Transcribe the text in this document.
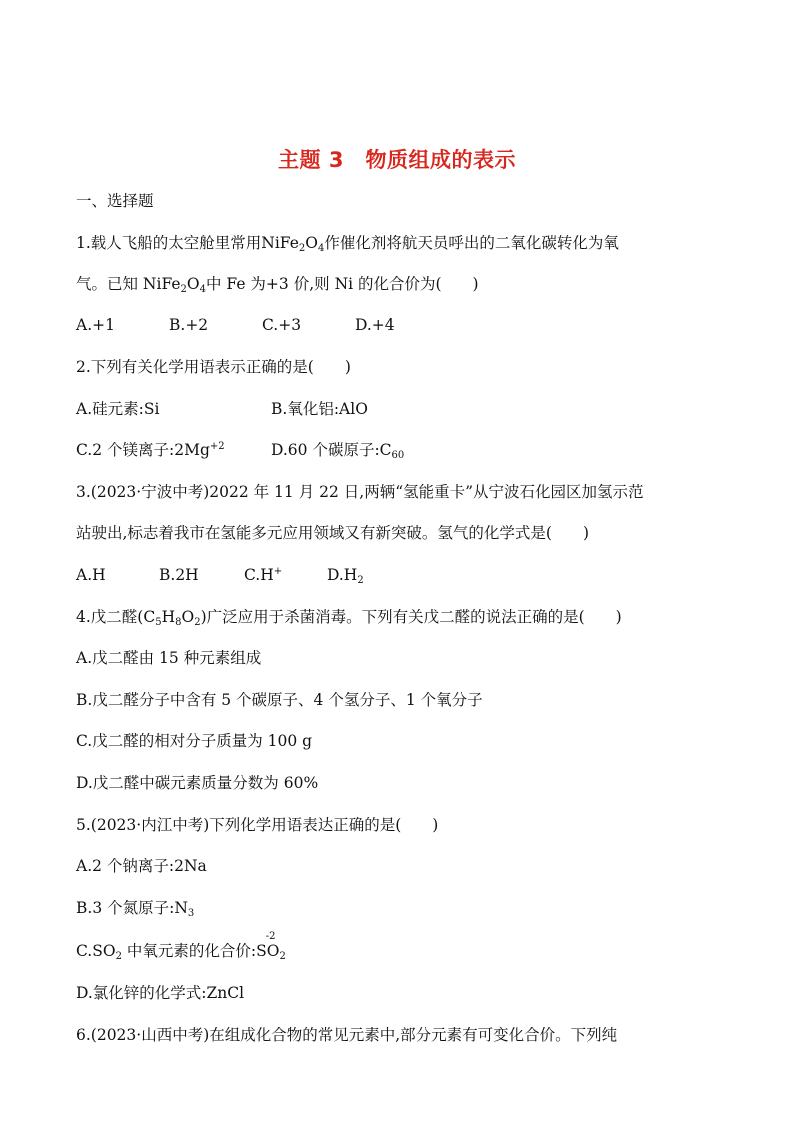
主题 3　物质组成的表示
一、选择题
1.载人飞船的太空舱里常用$NiFe_2O_4$作催化剂将航天员呼出的二氧化碳转化为氧
气。已知 $NiFe_2O_4$中 Fe 为+3 价,则 Ni 的化合价为(　　)
A.+1	B.+2	C.+3	D.+4
2.下列有关化学用语表示正确的是(　　)
A.硅元素:Si	B.氧化铝:AlO
C.2 个镁离子$:2Mg^{+2}$	D.60 个碳原子$:C_{60}$
3.(2023·宁波中考)2022 年 11 月 22 日,两辆“氢能重卡”从宁波石化园区加氢示范
站驶出,标志着我市在氢能多元应用领域又有新突破。氢气的化学式是(　　)
A.H	B.2H	C.H+	$D.H_2$
4.戊二醛$(C_5H_8O_2)$广泛应用于杀菌消毒。下列有关戊二醛的说法正确的是(　　)
A.戊二醛由 15 种元素组成
B.戊二醛分子中含有 5 个碳原子、4 个氢分子、1 个氧分子
C.戊二醛的相对分子质量为 100 g
D.戊二醛中碳元素质量分数为 60%
5.(2023·内江中考)下列化学用语表达正确的是(　　)
A.2 个钠离子:2Na
B.3 个氮原子$:N_3$
$C.SO_2$ 中氧元素的化合价:S
-2
$O_2$
D.氯化锌的化学式:ZnCl
6.(2023·山西中考)在组成化合物的常见元素中,部分元素有可变化合价。下列纯
